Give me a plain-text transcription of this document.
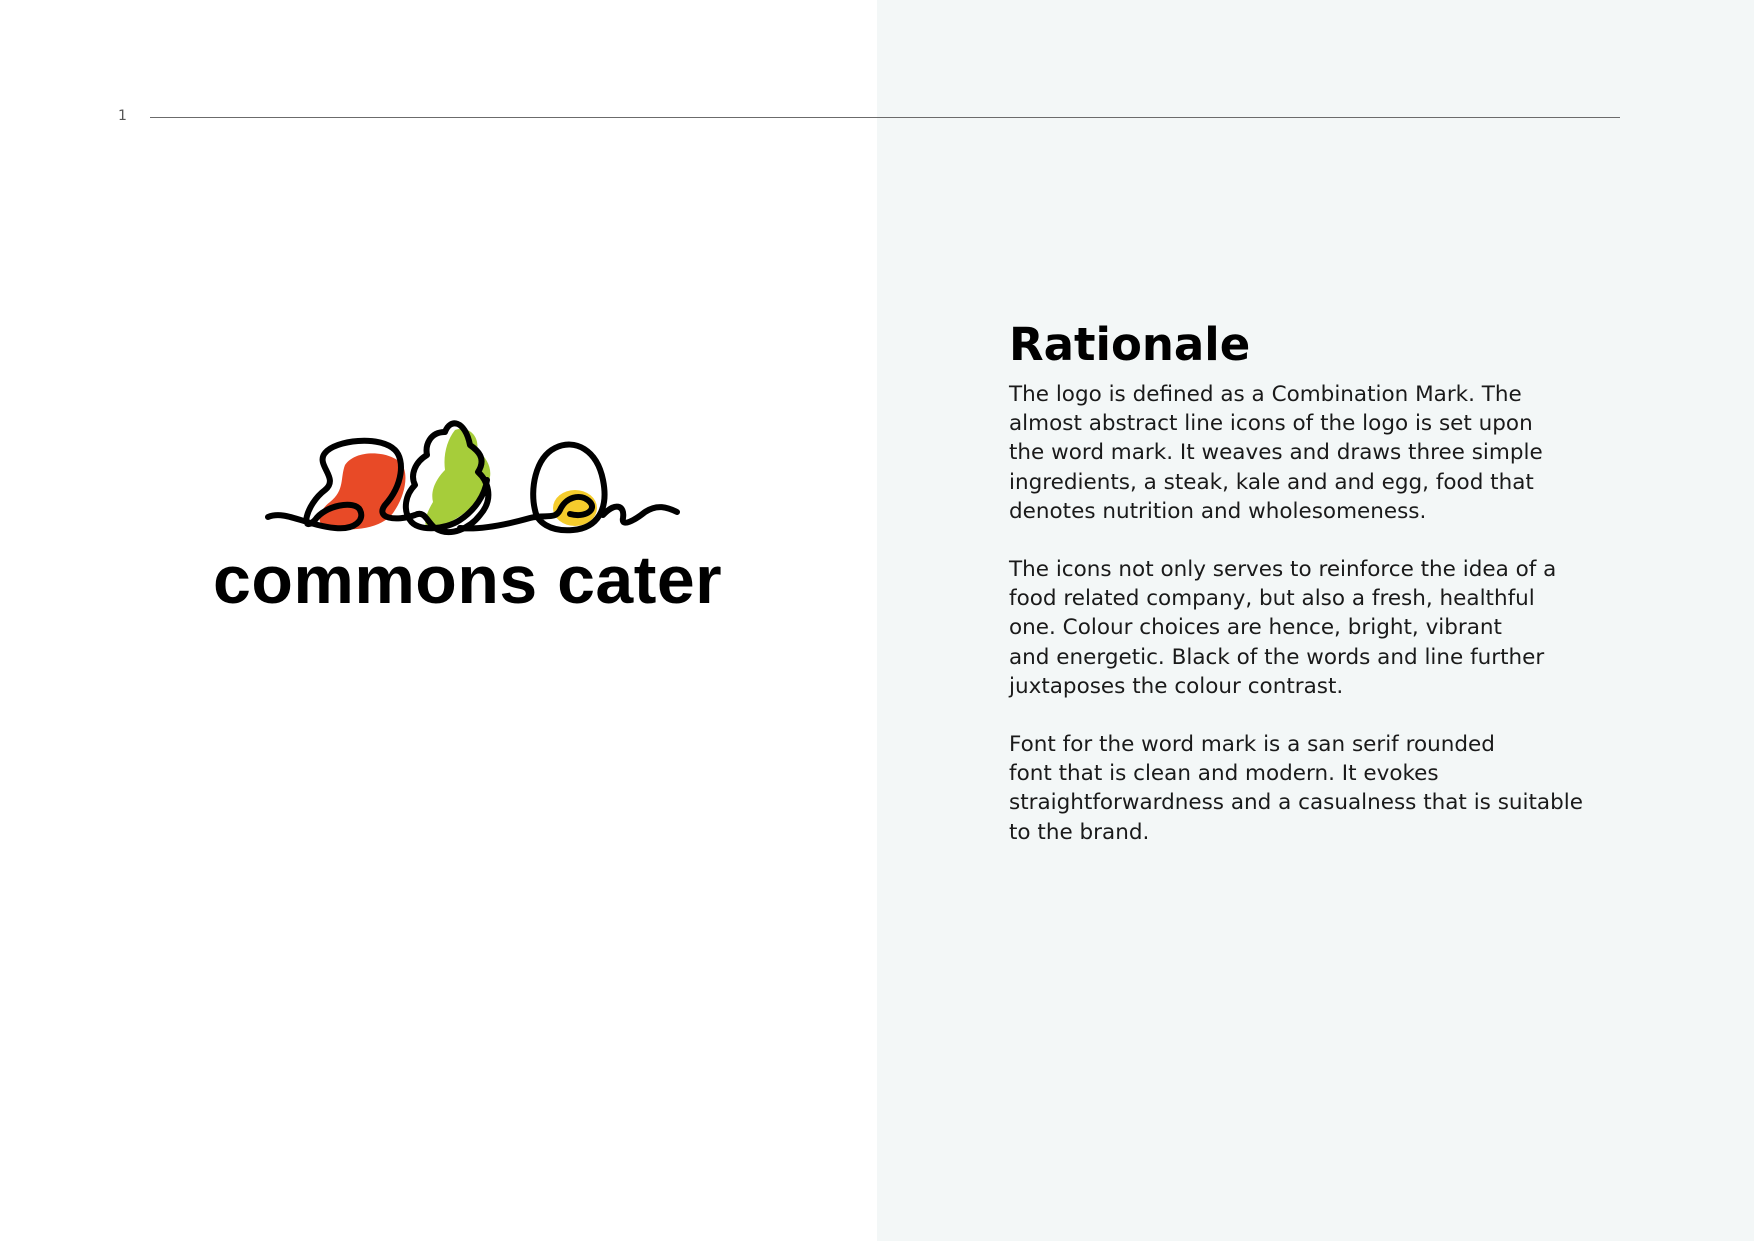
1
commons cater
Rationale

The logo is defined as a Combination Mark. The
almost abstract line icons of the logo is set upon
the word mark. It weaves and draws three simple
ingredients, a steak, kale and and egg, food that
denotes nutrition and wholesomeness.

The icons not only serves to reinforce the idea of a
food related company, but also a fresh, healthful
one. Colour choices are hence, bright, vibrant
and energetic. Black of the words and line further
juxtaposes the colour contrast.

Font for the word mark is a san serif rounded
font that is clean and modern. It evokes
straightforwardness and a casualness that is suitable
to the brand.
